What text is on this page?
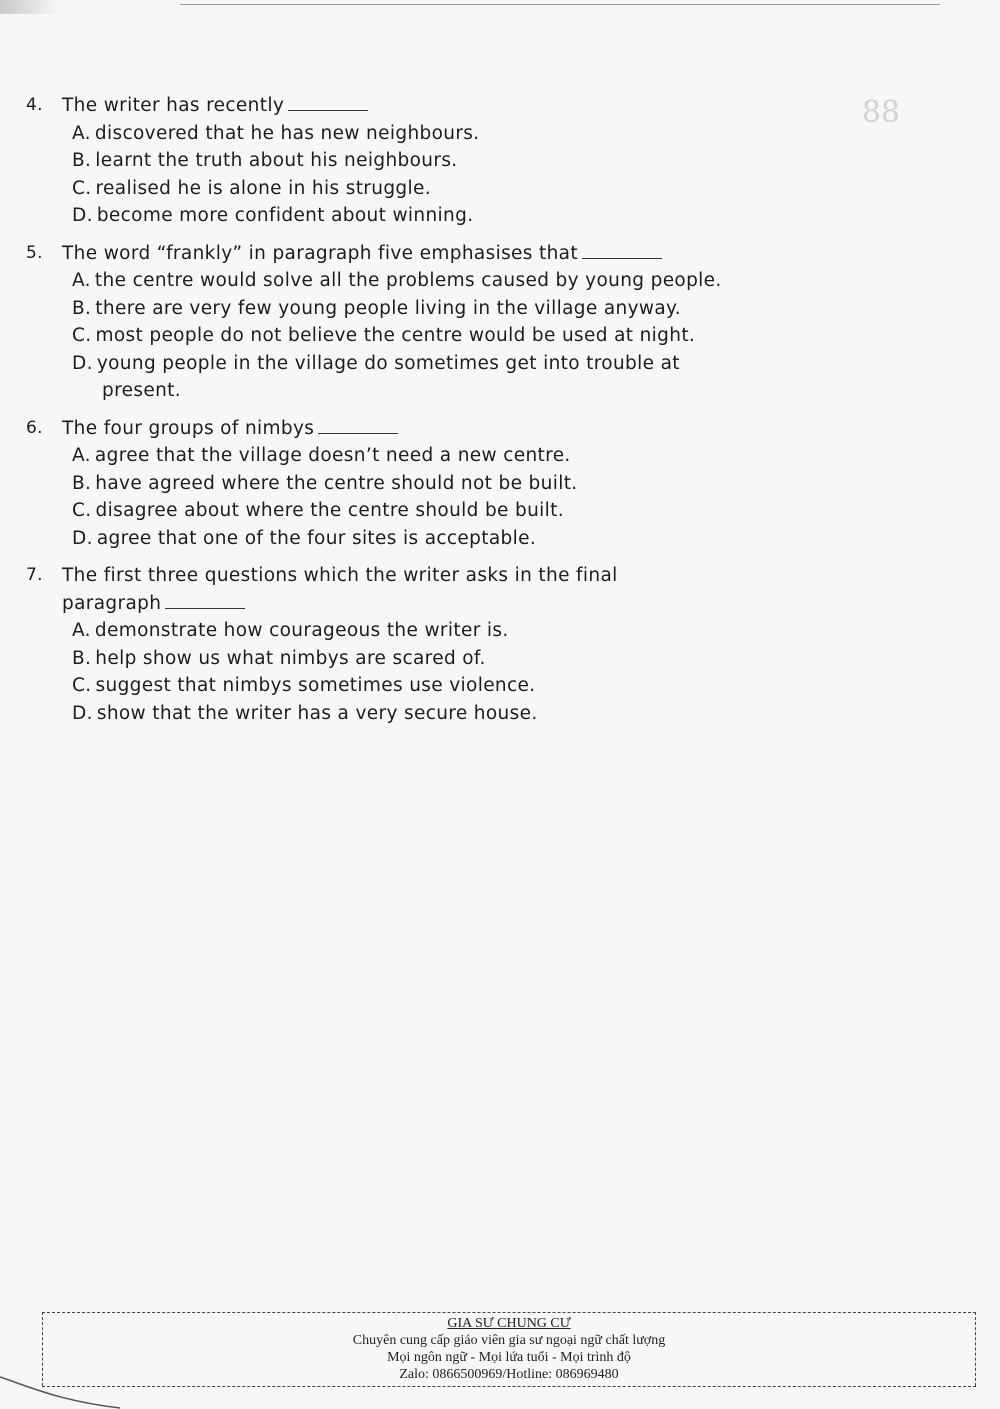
88
4.	The writer has recently
A. discovered that he has new neighbours.
B. learnt the truth about his neighbours.
C. realised he is alone in his struggle.
D. become more confident about winning.
5.	The word “frankly” in paragraph five emphasises that
A. the centre would solve all the problems caused by young people.
B. there are very few young people living in the village anyway.
C. most people do not believe the centre would be used at night.
D. young people in the village do sometimes get into trouble at
present.
6.	The four groups of nimbys
A. agree that the village doesn’t need a new centre.
B. have agreed where the centre should not be built.
C. disagree about where the centre should be built.
D. agree that one of the four sites is acceptable.
7.	The first three questions which the writer asks in the final
paragraph
A. demonstrate how courageous the writer is.
B. help show us what nimbys are scared of.
C. suggest that nimbys sometimes use violence.
D. show that the writer has a very secure house.
GIA SƯ CHUNG CƯ
Chuyên cung cấp giáo viên gia sư ngoại ngữ chất lượng
Mọi ngôn ngữ - Mọi lứa tuổi - Mọi trình độ
Zalo: 0866500969/Hotline: 086969480
